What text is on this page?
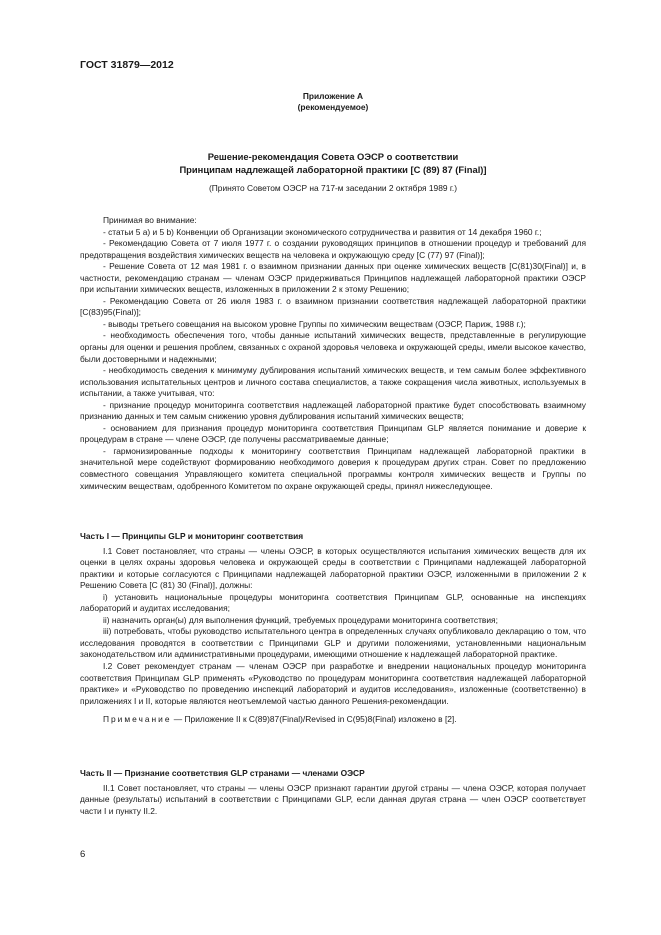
ГОСТ 31879—2012
Приложение А
(рекомендуемое)
Решение-рекомендация Совета ОЭСР о соответствии
Принципам надлежащей лабораторной практики [C (89) 87 (Final)]
(Принято Советом ОЭСР на 717-м заседании 2 октября 1989 г.)

Принимая во внимание:

- статьи 5 a) и 5 b) Конвенции об Организации экономического сотрудничества и развития от 14 декабря 1960 г.;

- Рекомендацию Совета от 7 июля 1977 г. о создании руководящих принципов в отношении процедур и требований для предотвращения воздействия химических веществ на человека и окружающую среду [C (77) 97 (Final)];

- Решение Совета от 12 мая 1981 г. о взаимном признании данных при оценке химических веществ [C(81)30(Final)] и, в частности, рекомендацию странам — членам ОЭСР придерживаться Принципов надлежащей лабораторной практики ОЭСР при испытании химических веществ, изложенных в приложении 2 к этому Решению;

- Рекомендацию Совета от 26 июля 1983 г. о взаимном признании соответствия надлежащей лабораторной практики [C(83)95(Final)];

- выводы третьего совещания на высоком уровне Группы по химическим веществам (ОЭСР, Париж, 1988 г.);

- необходимость обеспечения того, чтобы данные испытаний химических веществ, представленные в регулирующие органы для оценки и решения проблем, связанных с охраной здоровья человека и окружающей среды, имели высокое качество, были достоверными и надежными;

- необходимость сведения к минимуму дублирования испытаний химических веществ, и тем самым более эффективного использования испытательных центров и личного состава специалистов, а также сокращения числа животных, используемых в испытании, а также учитывая, что:

- признание процедур мониторинга соответствия надлежащей лабораторной практике будет способствовать взаимному признанию данных и тем самым снижению уровня дублирования испытаний химических веществ;

- основанием для признания процедур мониторинга соответствия Принципам GLP является понимание и доверие к процедурам в стране — члене ОЭСР, где получены рассматриваемые данные;

- гармонизированные подходы к мониторингу соответствия Принципам надлежащей лабораторной практики в значительной мере содействуют формированию необходимого доверия к процедурам других стран. Совет по предложению совместного совещания Управляющего комитета специальной программы контроля химических веществ и Группы по химическим веществам, одобренного Комитетом по охране окружающей среды, принял нижеследующее.

Часть I — Принципы GLP и мониторинг соответствия

I.1 Совет постановляет, что страны — члены ОЭСР, в которых осуществляются испытания химических веществ для их оценки в целях охраны здоровья человека и окружающей среды в соответствии с Принципами надлежащей лабораторной практики и которые согласуются с Принципами надлежащей лабораторной практики ОЭСР, изложенными в приложении 2 к Решению Совета [C (81) 30 (Final)], должны:

i) установить национальные процедуры мониторинга соответствия Принципам GLP, основанные на инспекциях лабораторий и аудитах исследования;

ii) назначить орган(ы) для выполнения функций, требуемых процедурами мониторинга соответствия;

iii) потребовать, чтобы руководство испытательного центра в определенных случаях опубликовало декларацию о том, что исследования проводятся в соответствии с Принципами GLP и другими положениями, установленными национальным законодательством или административными процедурами, имеющими отношение к надлежащей лабораторной практике.

I.2 Совет рекомендует странам — членам ОЭСР при разработке и внедрении национальных процедур мониторинга соответствия Принципам GLP применять «Руководство по процедурам мониторинга соответствия надлежащей лабораторной практике» и «Руководство по проведению инспекций лабораторий и аудитов исследования», изложенные (соответственно) в приложениях I и II, которые являются неотъемлемой частью данного Решения-рекомендации.

Примечание — Приложение II к C(89)87(Final)/Revised in C(95)8(Final) изложено в [2].

Часть II — Признание соответствия GLP странами — членами ОЭСР

II.1 Совет постановляет, что страны — члены ОЭСР признают гарантии другой страны — члена ОЭСР, которая получает данные (результаты) испытаний в соответствии с Принципами GLP, если данная другая страна — член ОЭСР соответствует части I и пункту II.2.

6
